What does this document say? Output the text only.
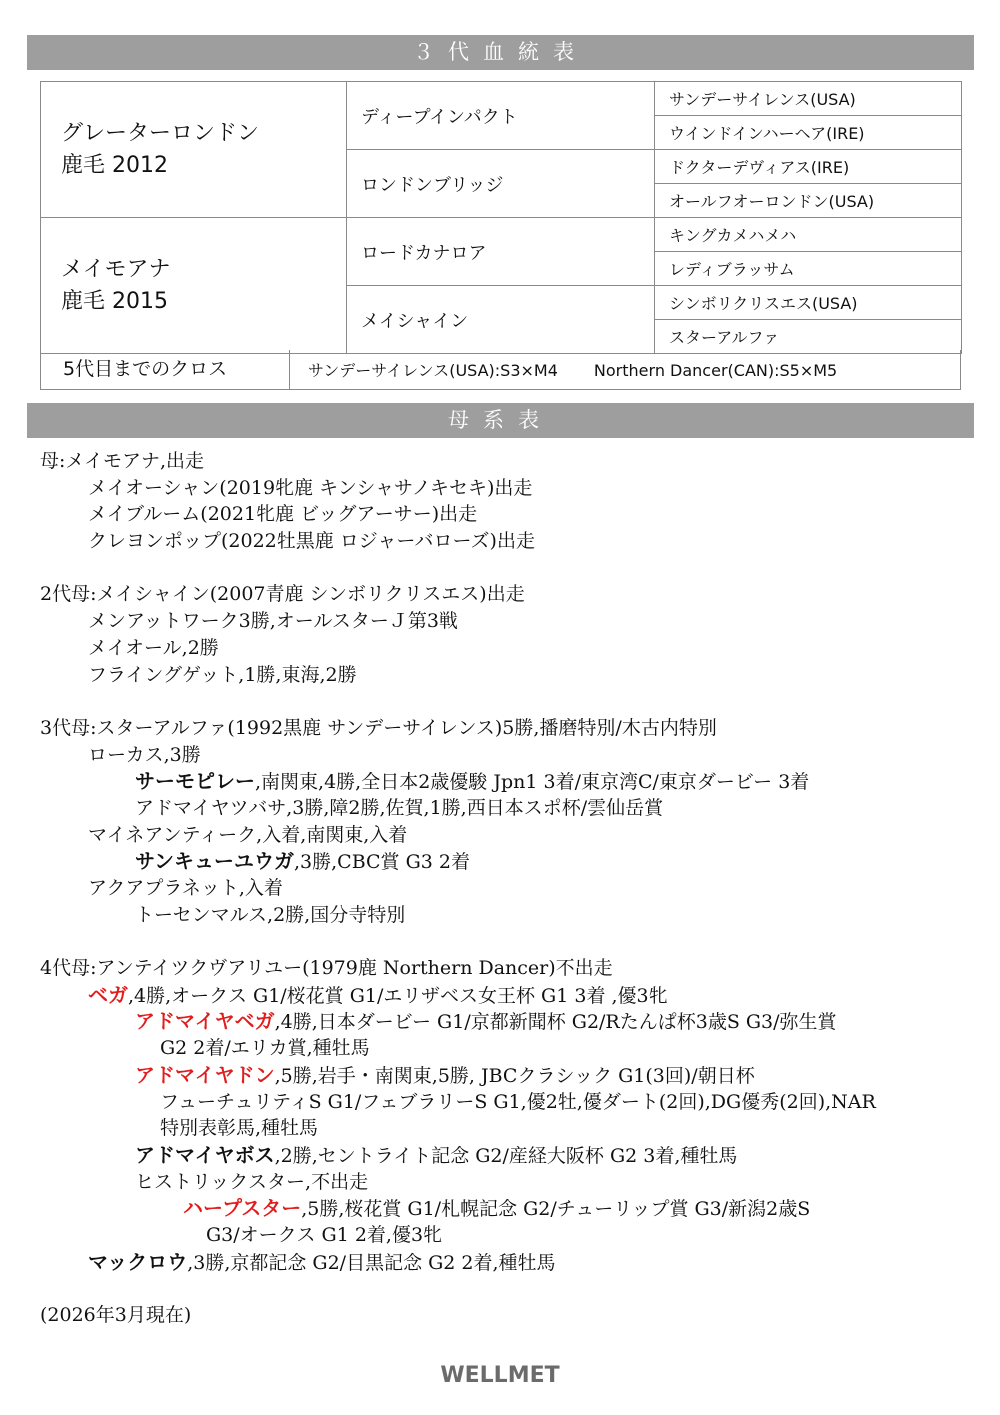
３代血統表
グレーターロンドン
鹿毛 2012	ディープインパクト	サンデーサイレンス(USA)
		ウインドインハーヘア(IRE)
	ロンドンブリッジ	ドクターデヴィアス(IRE)
		オールフオーロンドン(USA)

メイモアナ
鹿毛 2015	ロードカナロア	キングカメハメハ
		レディブラッサム
	メイシャイン	シンボリクリスエス(USA)
		スターアルファ
5代目までのクロス	サンデーサイレンス(USA):S3×M4 Northern Dancer(CAN):S5×M5
母系表
母:メイモアナ,出走
メイオーシャン(2019牝鹿 キンシャサノキセキ)出走
メイブルーム(2021牝鹿 ビッグアーサー)出走
クレヨンポップ(2022牡黒鹿 ロジャーバローズ)出走
2代母:メイシャイン(2007青鹿 シンボリクリスエス)出走
メンアットワーク3勝,オールスターＪ第3戦
メイオール,2勝
フライングゲット,1勝,東海,2勝
3代母:スターアルファ(1992黒鹿 サンデーサイレンス)5勝,播磨特別/木古内特別
ローカス,3勝
サーモピレー,南関東,4勝,全日本2歳優駿 Jpn1 3着/東京湾C/東京ダービー 3着
アドマイヤツバサ,3勝,障2勝,佐賀,1勝,西日本スポ杯/雲仙岳賞
マイネアンティーク,入着,南関東,入着
サンキューユウガ,3勝,CBC賞 G3 2着
アクアプラネット,入着
トーセンマルス,2勝,国分寺特別
4代母:アンテイツクヴアリユー(1979鹿 Northern Dancer)不出走
ベガ,4勝,オークス G1/桜花賞 G1/エリザベス女王杯 G1 3着 ,優3牝
アドマイヤベガ,4勝,日本ダービー G1/京都新聞杯 G2/Rたんぱ杯3歳S G3/弥生賞
G2 2着/エリカ賞,種牡馬
アドマイヤドン,5勝,岩手・南関東,5勝, JBCクラシック G1(3回)/朝日杯
フューチュリティS G1/フェブラリーS G1,優2牡,優ダート(2回),DG優秀(2回),NAR
特別表彰馬,種牡馬
アドマイヤボス,2勝,セントライト記念 G2/産経大阪杯 G2 3着,種牡馬
ヒストリックスター,不出走
ハープスター,5勝,桜花賞 G1/札幌記念 G2/チューリップ賞 G3/新潟2歳S
G3/オークス G1 2着,優3牝
マックロウ,3勝,京都記念 G2/目黒記念 G2 2着,種牡馬
(2026年3月現在)
WELLMET
